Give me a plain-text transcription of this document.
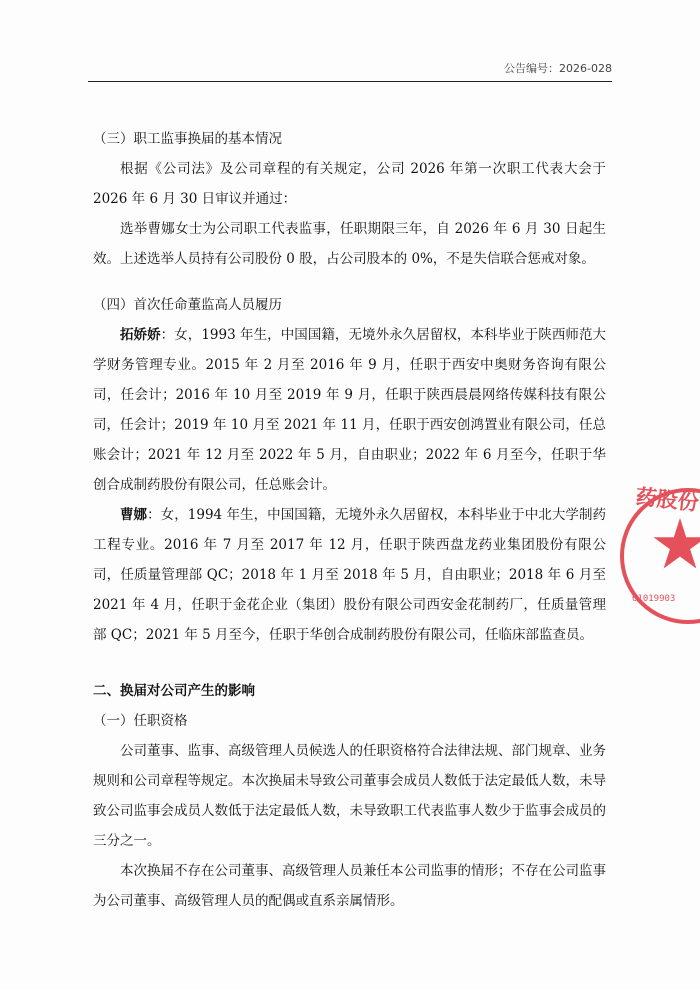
公告编号：2026-028

（三）职工监事换届的基本情况

根据《公司法》及公司章程的有关规定，公司 2026 年第一次职工代表大会于 2026 年 6 月 30 日审议并通过：

选举曹娜女士为公司职工代表监事，任职期限三年，自 2026 年 6 月 30 日起生效。上述选举人员持有公司股份 0 股，占公司股本的 0%，不是失信联合惩戒对象。

（四）首次任命董监高人员履历

拓娇娇：女，1993 年生，中国国籍，无境外永久居留权，本科毕业于陕西师范大学财务管理专业。2015 年 2 月至 2016 年 9 月，任职于西安中奥财务咨询有限公司，任会计；2016 年 10 月至 2019 年 9 月，任职于陕西晨晨网络传媒科技有限公司，任会计；2019 年 10 月至 2021 年 11 月，任职于西安创鸿置业有限公司，任总账会计；2021 年 12 月至 2022 年 5 月，自由职业；2022 年 6 月至今，任职于华创合成制药股份有限公司，任总账会计。

曹娜：女，1994 年生，中国国籍，无境外永久居留权，本科毕业于中北大学制药工程专业。2016 年 7 月至 2017 年 12 月，任职于陕西盘龙药业集团股份有限公司，任质量管理部 QC；2018 年 1 月至 2018 年 5 月，自由职业；2018 年 6 月至 2021 年 4 月，任职于金花企业（集团）股份有限公司西安金花制药厂，任质量管理部 QC；2021 年 5 月至今，任职于华创合成制药股份有限公司，任临床部监查员。

二、换届对公司产生的影响

（一）任职资格

公司董事、监事、高级管理人员候选人的任职资格符合法律法规、部门规章、业务规则和公司章程等规定。本次换届未导致公司董事会成员人数低于法定最低人数，未导致公司监事会成员人数低于法定最低人数，未导致职工代表监事人数少于监事会成员的三分之一。

本次换届不存在公司董事、高级管理人员兼任本公司监事的情形；不存在公司监事为公司董事、高级管理人员的配偶或直系亲属情形。

药股份
61019903
